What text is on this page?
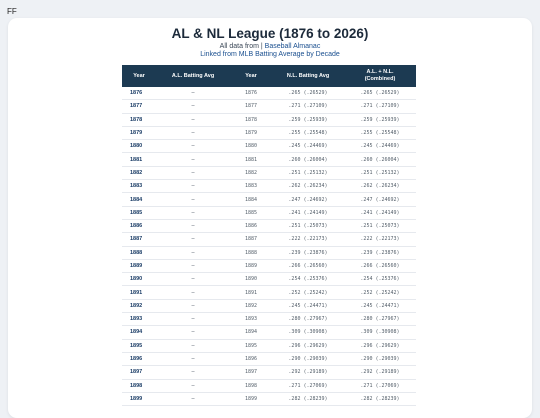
FF
AL & NL League (1876 to 2026)
All data from | Baseball Almanac
Linked from MLB Batting Average by Decade
Year	A.L. Batting Avg	Year	N.L. Batting Avg	A.L. + N.L.
(Combined)
1876	–	1876	.265 (.26529)	.265 (.26529)
1877	–	1877	.271 (.27109)	.271 (.27109)
1878	–	1878	.259 (.25939)	.259 (.25939)
1879	–	1879	.255 (.25548)	.255 (.25548)
1880	–	1880	.245 (.24469)	.245 (.24469)
1881	–	1881	.260 (.26004)	.260 (.26004)
1882	–	1882	.251 (.25132)	.251 (.25132)
1883	–	1883	.262 (.26234)	.262 (.26234)
1884	–	1884	.247 (.24692)	.247 (.24692)
1885	–	1885	.241 (.24149)	.241 (.24149)
1886	–	1886	.251 (.25073)	.251 (.25073)
1887	–	1887	.222 (.22173)	.222 (.22173)
1888	–	1888	.239 (.23876)	.239 (.23876)
1889	–	1889	.266 (.26560)	.266 (.26560)
1890	–	1890	.254 (.25376)	.254 (.25376)
1891	–	1891	.252 (.25242)	.252 (.25242)
1892	–	1892	.245 (.24471)	.245 (.24471)
1893	–	1893	.280 (.27967)	.280 (.27967)
1894	–	1894	.309 (.30908)	.309 (.30908)
1895	–	1895	.296 (.29629)	.296 (.29629)
1896	–	1896	.290 (.29039)	.290 (.29039)
1897	–	1897	.292 (.29189)	.292 (.29189)
1898	–	1898	.271 (.27069)	.271 (.27069)
1899	–	1899	.282 (.28239)	.282 (.28239)
